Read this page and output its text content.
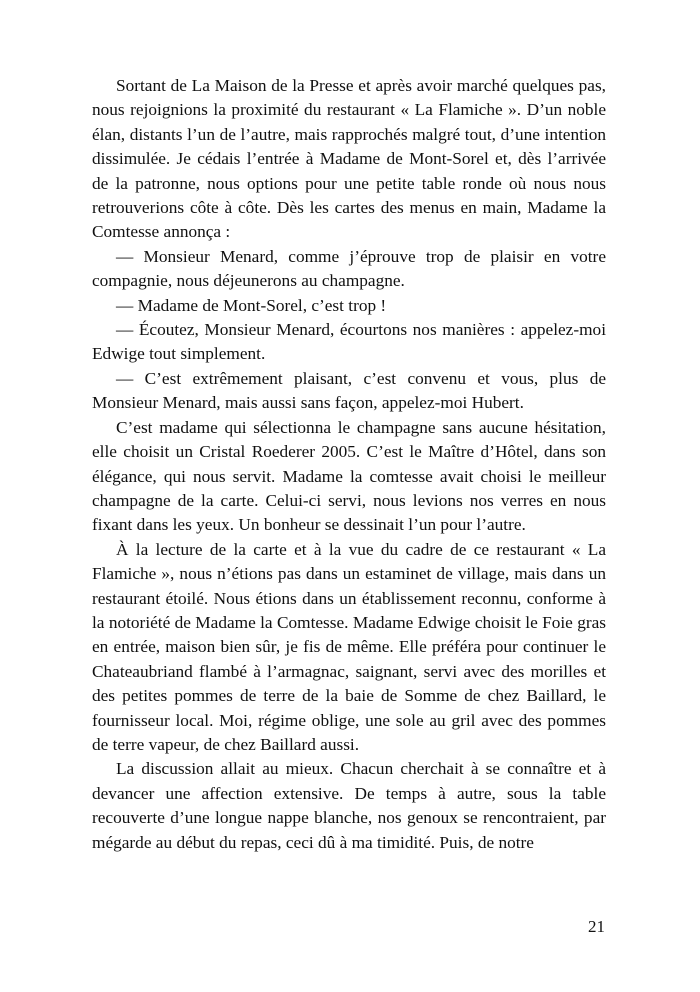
Sortant de La Maison de la Presse et après avoir marché quelques pas, nous rejoignions la proximité du restaurant « La Flamiche ». D’un noble élan, distants l’un de l’autre, mais rapprochés malgré tout, d’une intention dissimulée. Je cédais l’entrée à Madame de Mont-Sorel et, dès l’arrivée de la patronne, nous options pour une petite table ronde où nous nous retrouverions côte à côte. Dès les cartes des menus en main, Madame la Comtesse annonça :

— Monsieur Menard, comme j’éprouve trop de plaisir en votre compagnie, nous déjeunerons au champagne.

— Madame de Mont-Sorel, c’est trop !

— Écoutez, Monsieur Menard, écourtons nos manières : appelez-moi Edwige tout simplement.

— C’est extrêmement plaisant, c’est convenu et vous, plus de Monsieur Menard, mais aussi sans façon, appelez-moi Hubert.

C’est madame qui sélectionna le champagne sans aucune hésitation, elle choisit un Cristal Roederer 2005. C’est le Maître d’Hôtel, dans son élégance, qui nous servit. Madame la comtesse avait choisi le meilleur champagne de la carte. Celui-ci servi, nous levions nos verres en nous fixant dans les yeux. Un bonheur se dessinait l’un pour l’autre.

À la lecture de la carte et à la vue du cadre de ce restaurant « La Flamiche », nous n’étions pas dans un estaminet de village, mais dans un restaurant étoilé. Nous étions dans un établissement reconnu, conforme à la notoriété de Madame la Comtesse. Madame Edwige choisit le Foie gras en entrée, maison bien sûr, je fis de même. Elle préféra pour continuer le Chateaubriand flambé à l’armagnac, saignant, servi avec des morilles et des petites pommes de terre de la baie de Somme de chez Baillard, le fournisseur local. Moi, régime oblige, une sole au gril avec des pommes de terre vapeur, de chez Baillard aussi.

La discussion allait au mieux. Chacun cherchait à se connaître et à devancer une affection extensive. De temps à autre, sous la table recouverte d’une longue nappe blanche, nos genoux se rencontraient, par mégarde au début du repas, ceci dû à ma timidité. Puis, de notre

21
